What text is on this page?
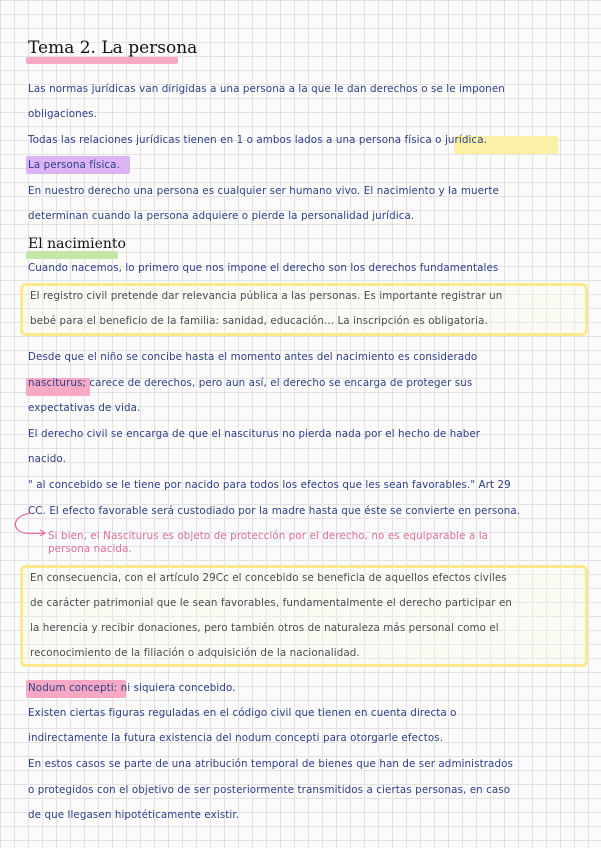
Tema 2. La persona
Las normas jurídicas van dirigidas a una persona a la que le dan derechos o se le imponen
obligaciones.
Todas las relaciones jurídicas tienen en 1 o ambos lados a una persona física o jurídica.
La persona física.
En nuestro derecho una persona es cualquier ser humano vivo. El nacimiento y la muerte
determinan cuando la persona adquiere o pierde la personalidad jurídica.
El nacimiento
Cuando nacemos, lo primero que nos impone el derecho son los derechos fundamentales
El registro civil pretende dar relevancia pública a las personas. Es importante registrar un
bebé para el beneficio de la familia: sanidad, educación... La inscripción es obligatoria.
Desde que el niño se concibe hasta el momento antes del nacimiento es considerado
nasciturus; carece de derechos, pero aun así, el derecho se encarga de proteger sus
expectativas de vida.
El derecho civil se encarga de que el nasciturus no pierda nada por el hecho de haber
nacido.
" al concebido se le tiene por nacido para todos los efectos que les sean favorables." Art 29
CC. El efecto favorable será custodiado por la madre hasta que éste se convierte en persona.
Si bien, el Nasciturus es objeto de protección por el derecho, no es equiparable a la
persona nacida.
En consecuencia, con el artículo 29Cc el concebido se beneficia de aquellos efectos civiles
de carácter patrimonial que le sean favorables, fundamentalmente el derecho participar en
la herencia y recibir donaciones, pero también otros de naturaleza más personal como el
reconocimiento de la filiación o adquisición de la nacionalidad.
Nodum concepti: ni siquiera concebido.
Existen ciertas figuras reguladas en el código civil que tienen en cuenta directa o
indirectamente la futura existencia del nodum concepti para otorgarle efectos.
En estos casos se parte de una atribución temporal de bienes que han de ser administrados
o protegidos con el objetivo de ser posteriormente transmitidos a ciertas personas, en caso
de que llegasen hipotéticamente existir.
